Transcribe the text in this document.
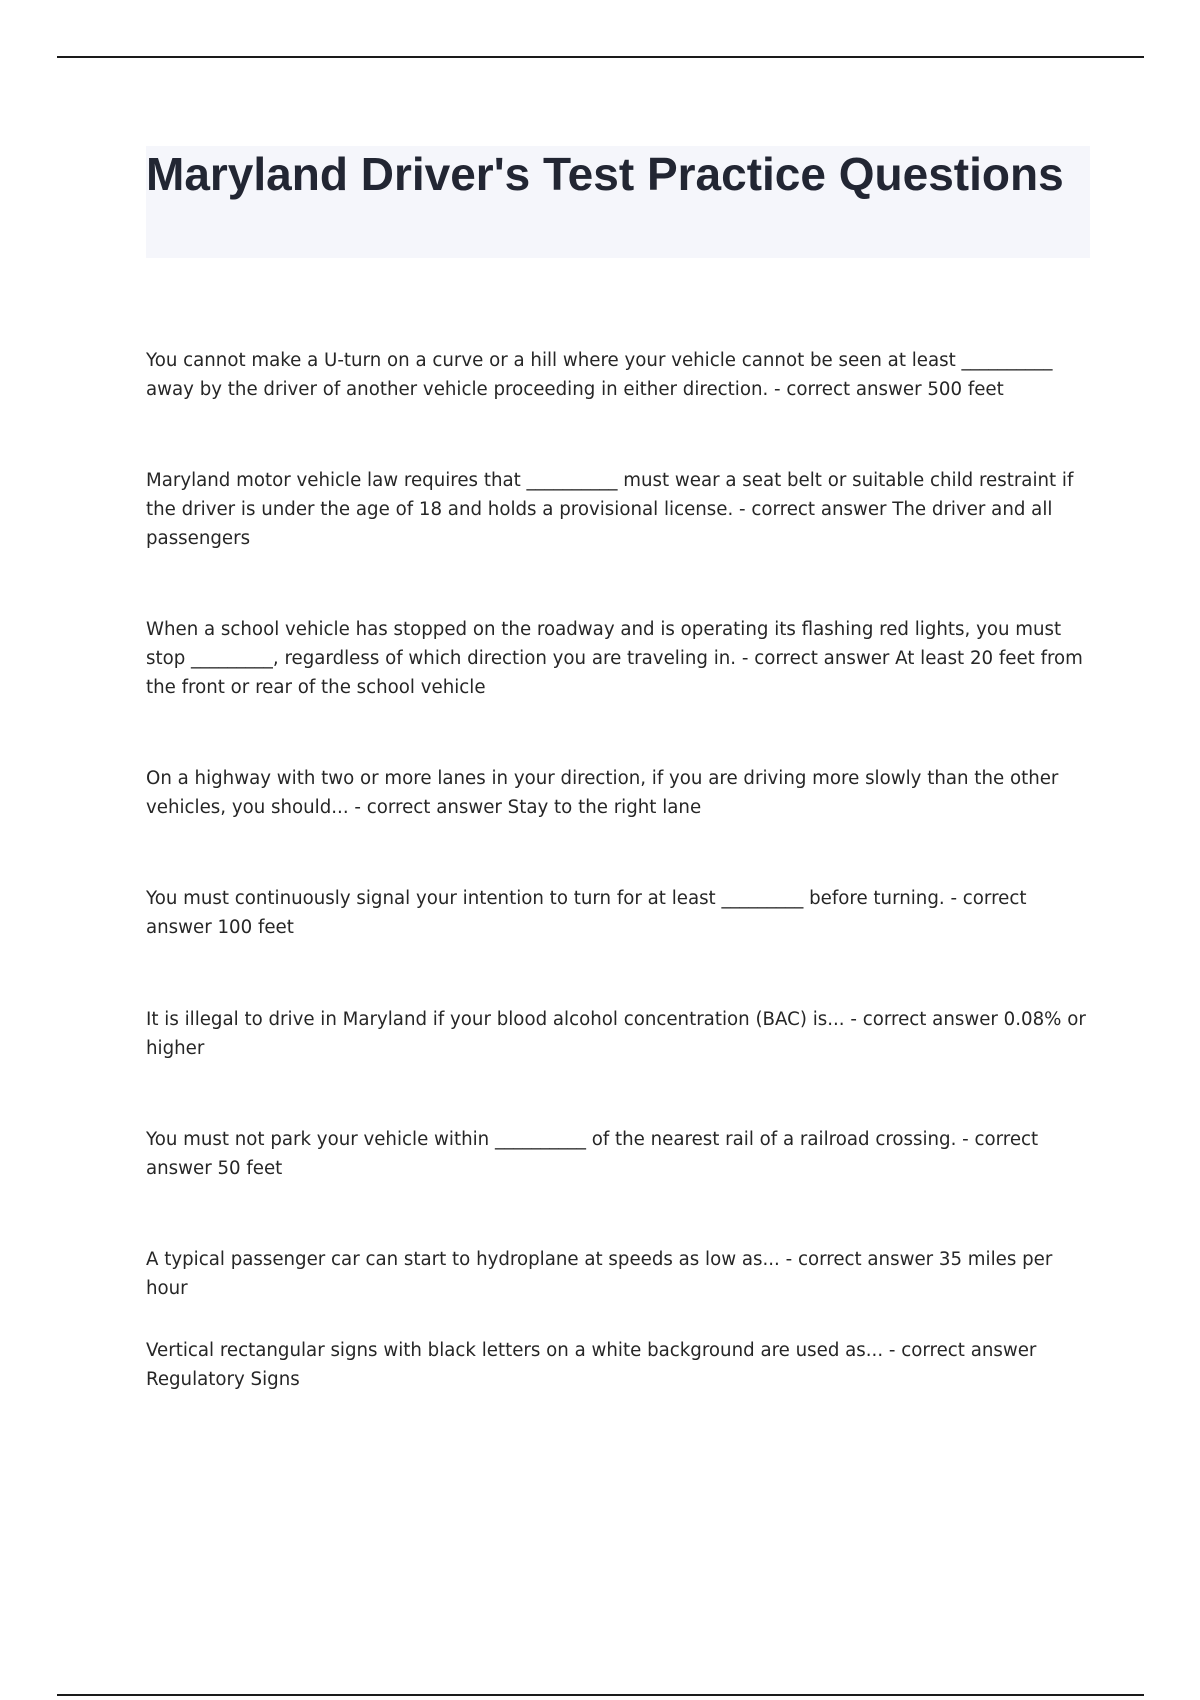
Maryland Driver's Test Practice Questions

You cannot make a U-turn on a curve or a hill where your vehicle cannot be seen at least __________ away by the driver of another vehicle proceeding in either direction. - correct answer 500 feet

Maryland motor vehicle law requires that __________ must wear a seat belt or suitable child restraint if the driver is under the age of 18 and holds a provisional license. - correct answer The driver and all passengers

When a school vehicle has stopped on the roadway and is operating its flashing red lights, you must stop _________, regardless of which direction you are traveling in. - correct answer At least 20 feet from the front or rear of the school vehicle

On a highway with two or more lanes in your direction, if you are driving more slowly than the other vehicles, you should... - correct answer Stay to the right lane

You must continuously signal your intention to turn for at least _________ before turning. - correct answer 100 feet

It is illegal to drive in Maryland if your blood alcohol concentration (BAC) is... - correct answer 0.08% or higher

You must not park your vehicle within __________ of the nearest rail of a railroad crossing. - correct answer 50 feet

A typical passenger car can start to hydroplane at speeds as low as... - correct answer 35 miles per hour

Vertical rectangular signs with black letters on a white background are used as... - correct answer Regulatory Signs
